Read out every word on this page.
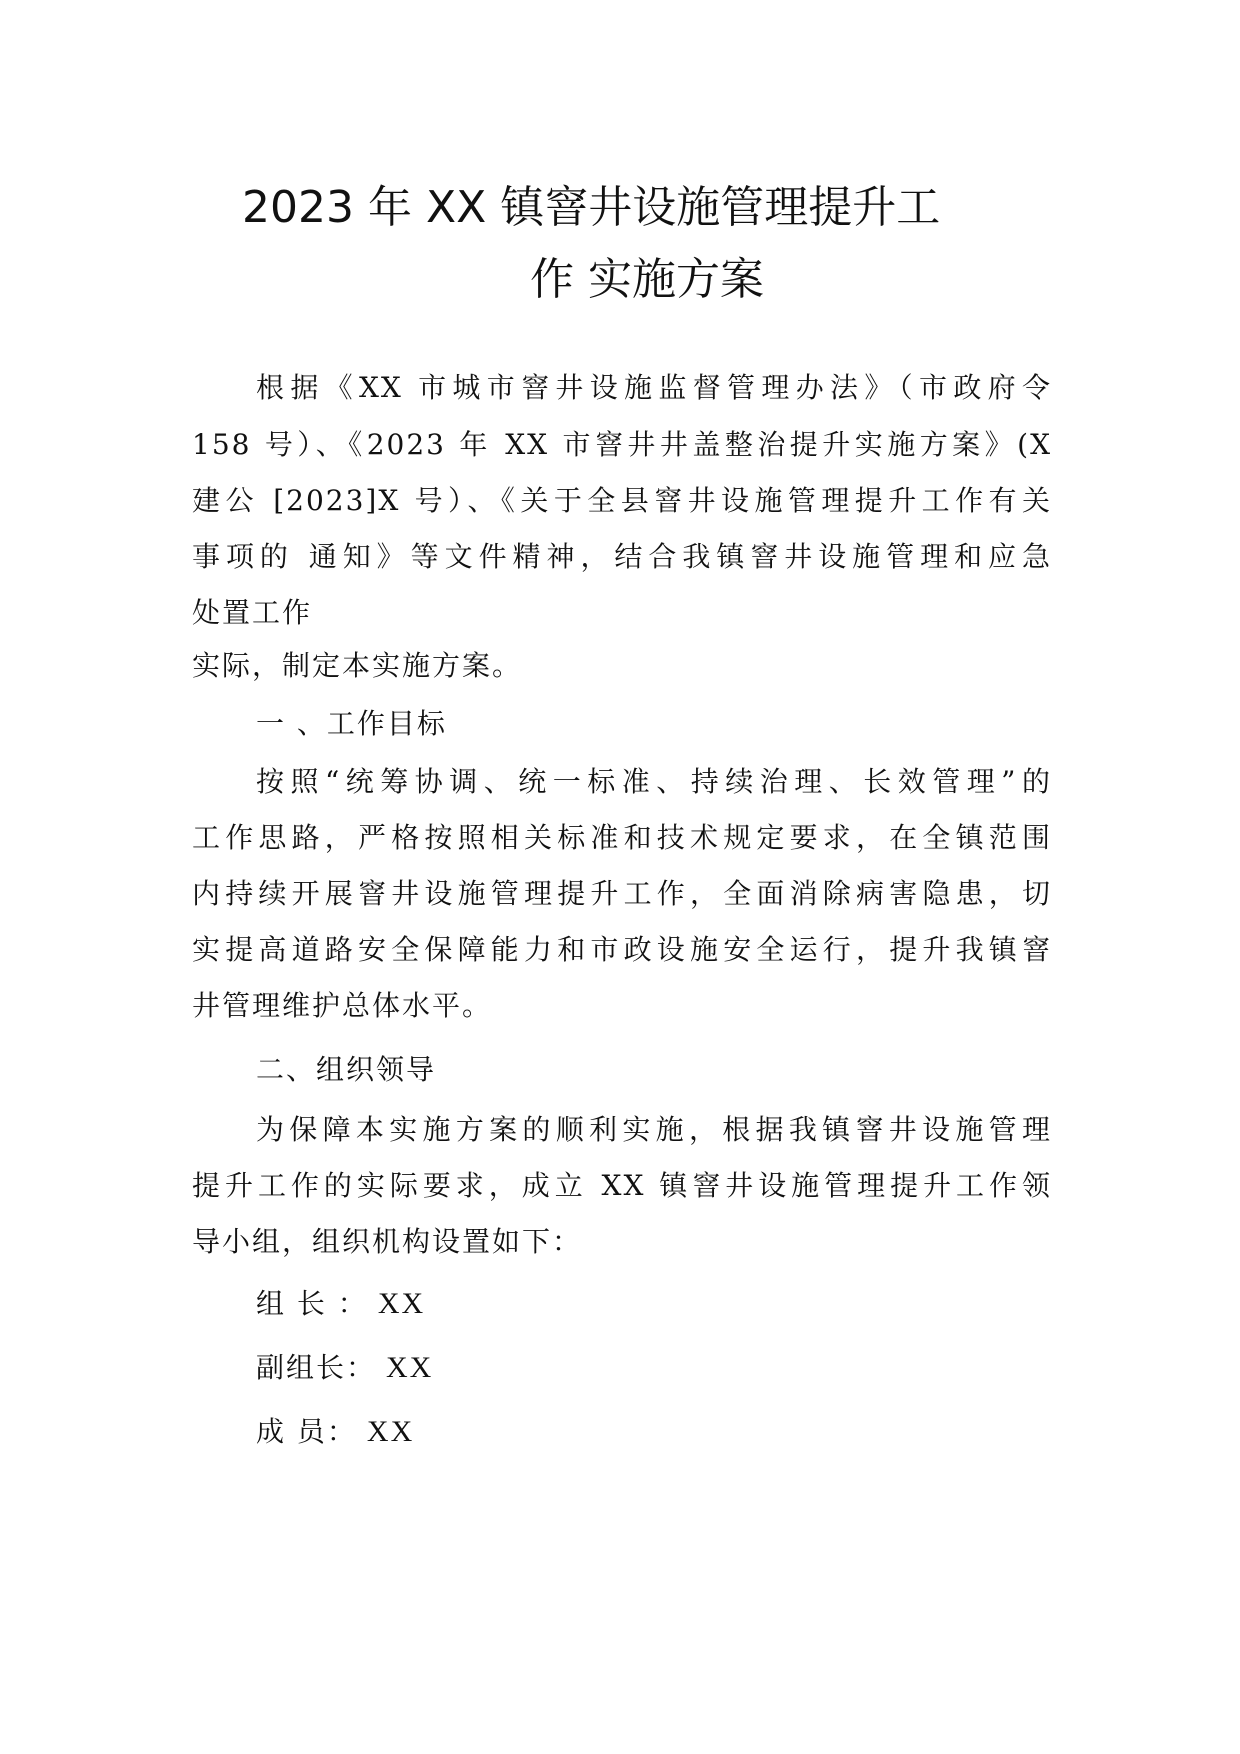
2023 年 XX 镇窨井设施管理提升工
作 实施方案
根据《XX 市城市窨井设施监督管理办法》（市政府令
158 号）、《2023 年 XX 市窨井井盖整治提升实施方案》(X
建公 [2023]X 号）、《关于全县窨井设施管理提升工作有关
事项的 通知》等文件精神，结合我镇窨井设施管理和应急
处置工作
实际，制定本实施方案。
一 、工作目标
按照“统筹协调、统一标准、持续治理、长效管理”的
工作思路，严格按照相关标准和技术规定要求，在全镇范围
内持续开展窨井设施管理提升工作，全面消除病害隐患，切
实提高道路安全保障能力和市政设施安全运行，提升我镇窨
井管理维护总体水平。
二、组织领导
为保障本实施方案的顺利实施，根据我镇窨井设施管理
提升工作的实际要求，成立 XX 镇窨井设施管理提升工作领
导小组，组织机构设置如下：
组 长 ： XX
副组长： XX
成 员： XX
